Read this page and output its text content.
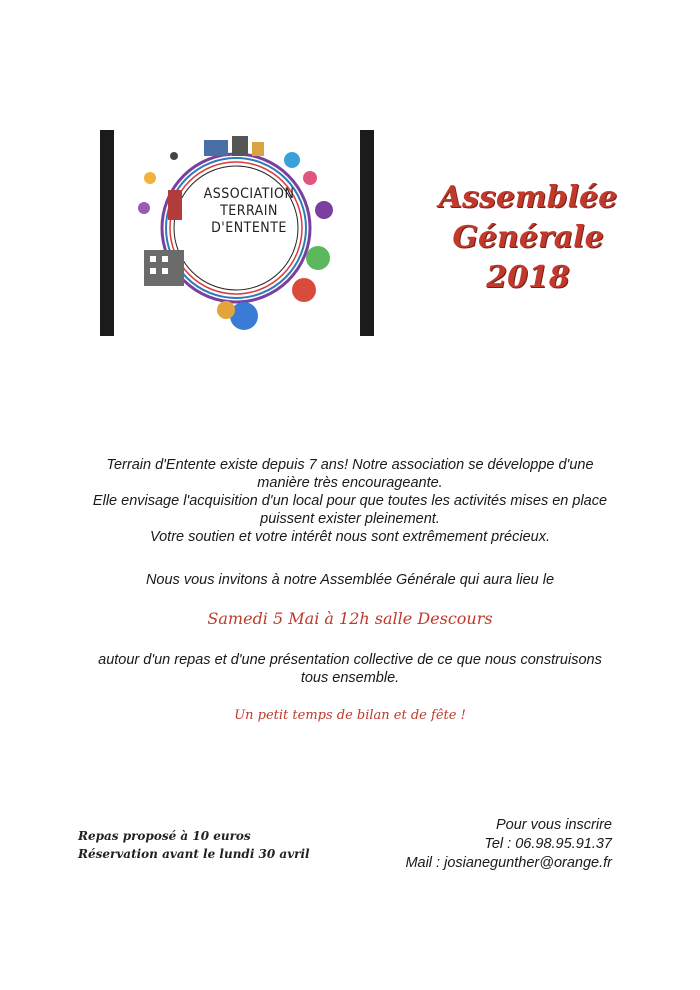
ASSOCIATION
TERRAIN
D'ENTENTE
Assemblée
Générale
2018
Terrain d'Entente existe depuis 7 ans! Notre association se développe d'une
manière très encourageante.
Elle envisage l'acquisition d'un local pour que toutes les activités mises en place
puissent exister pleinement.
Votre soutien et votre intérêt nous sont extrêmement précieux.
Nous vous invitons à notre Assemblée Générale qui aura lieu le
Samedi 5 Mai à 12h salle Descours
autour d'un repas et d'une présentation collective de ce que nous construisons
tous ensemble.
Un petit temps de bilan et de fête !
Repas proposé à 10 euros
Réservation avant le lundi 30 avril
Pour vous inscrire
Tel : 06.98.95.91.37
Mail : josianegunther@orange.fr
